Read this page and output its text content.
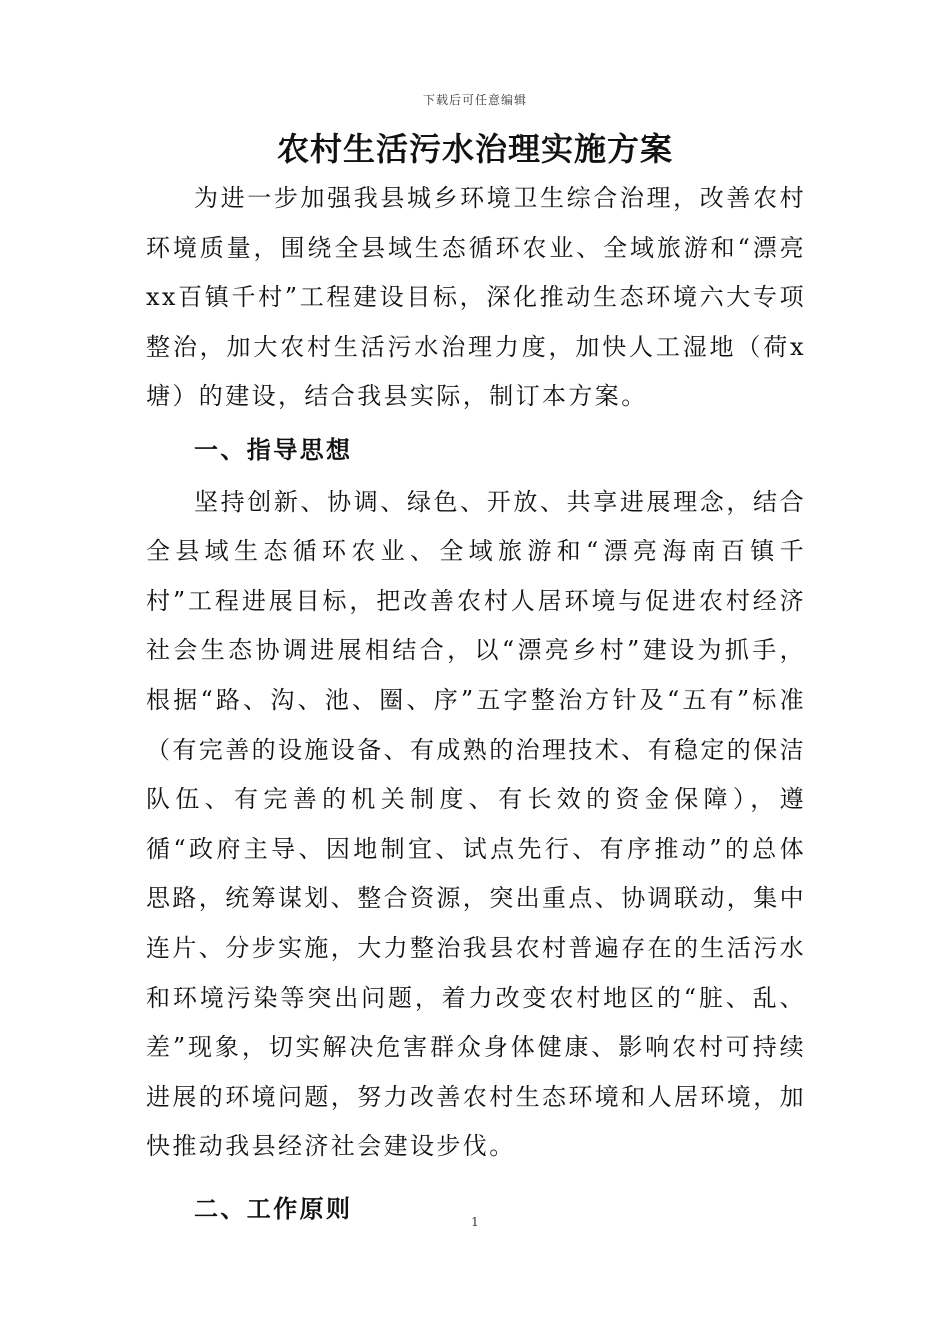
下载后可任意编辑
农村生活污水治理实施方案

为进一步加强我县城乡环境卫生综合治理，改善农村环境质量，围绕全县域生态循环农业、全域旅游和“漂亮xx百镇千村”工程建设目标，深化推动生态环境六大专项整治，加大农村生活污水治理力度，加快人工湿地（荷x塘）的建设，结合我县实际，制订本方案。

一、指导思想

坚持创新、协调、绿色、开放、共享进展理念，结合全县域生态循环农业、全域旅游和“漂亮海南百镇千村”工程进展目标，把改善农村人居环境与促进农村经济社会生态协调进展相结合，以“漂亮乡村”建设为抓手，根据“路、沟、池、圈、序”五字整治方针及“五有”标准（有完善的设施设备、有成熟的治理技术、有稳定的保洁队伍、有完善的机关制度、有长效的资金保障），遵循“政府主导、因地制宜、试点先行、有序推动”的总体思路，统筹谋划、整合资源，突出重点、协调联动，集中连片、分步实施，大力整治我县农村普遍存在的生活污水和环境污染等突出问题，着力改变农村地区的“脏、乱、差”现象，切实解决危害群众身体健康、影响农村可持续进展的环境问题，努力改善农村生态环境和人居环境，加快推动我县经济社会建设步伐。

二、工作原则	1
